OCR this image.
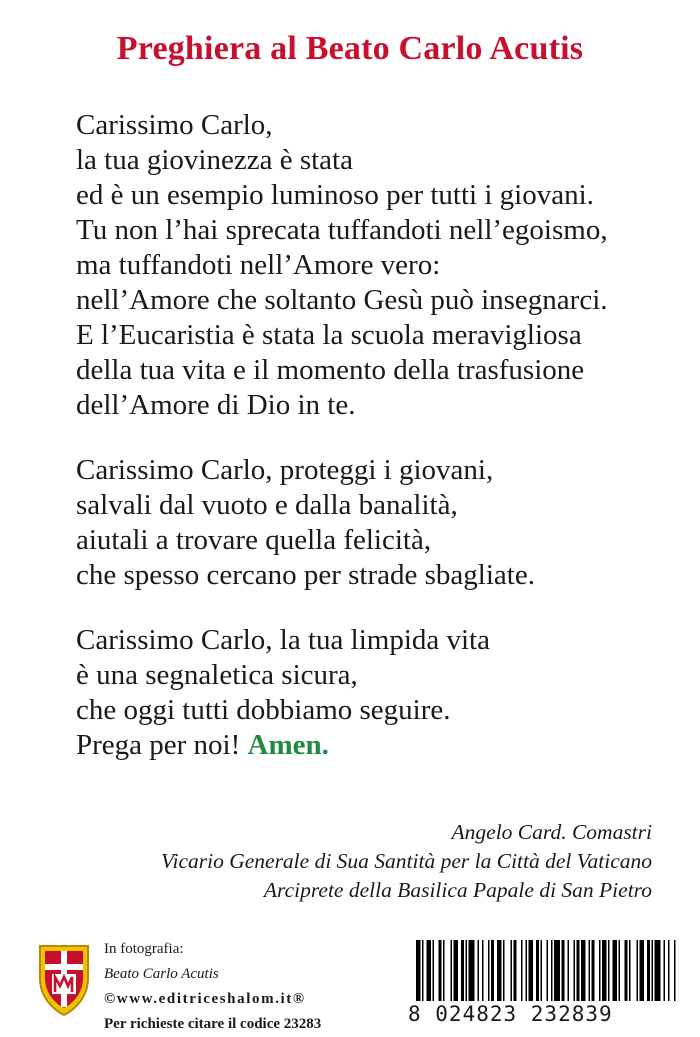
Preghiera al Beato Carlo Acutis
Carissimo Carlo,
la tua giovinezza è stata
ed è un esempio luminoso per tutti i giovani.
Tu non l’hai sprecata tuffandoti nell’egoismo,
ma tuffandoti nell’Amore vero:
nell’Amore che soltanto Gesù può insegnarci.
E l’Eucaristia è stata la scuola meravigliosa
della tua vita e il momento della trasfusione
dell’Amore di Dio in te.
Carissimo Carlo, proteggi i giovani,
salvali dal vuoto e dalla banalità,
aiutali a trovare quella felicità,
che spesso cercano per strade sbagliate.
Carissimo Carlo, la tua limpida vita
è una segnaletica sicura,
che oggi tutti dobbiamo seguire.
Prega per noi! Amen.
Angelo Card. Comastri
Vicario Generale di Sua Santità per la Città del Vaticano
Arciprete della Basilica Papale di San Pietro
In fotografia:
Beato Carlo Acutis
©www.editriceshalom.it®
Per richieste citare il codice 23283	8 024823 232839
